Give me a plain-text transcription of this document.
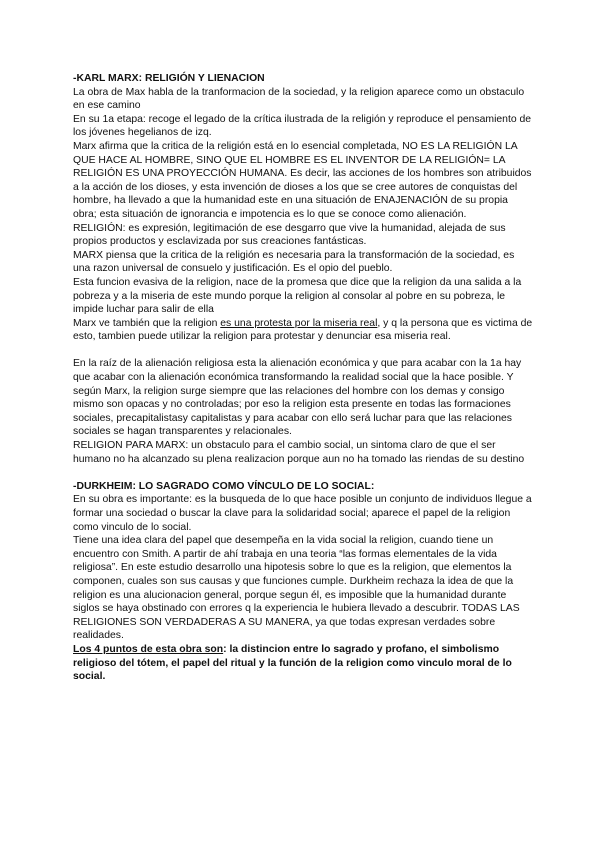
-KARL MARX: RELIGIÓN Y LIENACION

La obra de Max habla de la tranformacion de la sociedad, y la religion aparece como un obstaculo en ese camino

En su 1a etapa: recoge el legado de la crítica ilustrada de la religión y reproduce el pensamiento de los jóvenes hegelianos de izq.

Marx afirma que la critica de la religión está en lo esencial completada, NO ES LA RELIGIÓN LA QUE HACE AL HOMBRE, SINO QUE EL HOMBRE ES EL INVENTOR DE LA RELIGIÓN= LA RELIGIÓN ES UNA PROYECCIÓN HUMANA. Es decir, las acciones de los hombres son atribuidos a la acción de los dioses, y esta invención de dioses a los que se cree autores de conquistas del hombre, ha llevado a que la humanidad este en una situación de ENAJENACIÓN de su propia obra; esta situación de ignorancia e impotencia es lo que se conoce como alienación.

RELIGIÓN: es expresión, legitimación de ese desgarro que vive la humanidad, alejada de sus propios productos y esclavizada por sus creaciones fantásticas.

MARX piensa que la critica de la religión es necesaria para la transformación de la sociedad, es una razon universal de consuelo y justificación. Es el opio del pueblo.

Esta funcion evasiva de la religion, nace de la promesa que dice que la religion da una salida a la pobreza y a la miseria de este mundo porque la religion al consolar al pobre en su pobreza, le impide luchar para salir de ella

Marx ve también que la religion es una protesta por la miseria real, y q la persona que es victima de esto, tambien puede utilizar la religion para protestar y denunciar esa miseria real.

En la raíz de la alienación religiosa esta la alienación económica y que para acabar con la 1a hay que acabar con la alienación económica transformando la realidad social que la hace posible. Y según Marx, la religion surge siempre que las relaciones del hombre con los demas y consigo mismo son opacas y no controladas; por eso la religion esta presente en todas las formaciones sociales, precapitalistasy capitalistas y para acabar con ello será luchar para que las relaciones sociales se hagan transparentes y relacionales.

RELIGION PARA MARX: un obstaculo para el cambio social, un sintoma claro de que el ser humano no ha alcanzado su plena realizacion porque aun no ha tomado las riendas de su destino

-DURKHEIM: LO SAGRADO COMO VÍNCULO DE LO SOCIAL:

En su obra es importante: es la busqueda de lo que hace posible un conjunto de individuos llegue a formar una sociedad o buscar la clave para la solidaridad social; aparece el papel de la religion como vinculo de lo social.

Tiene una idea clara del papel que desempeña en la vida social la religion, cuando tiene un encuentro con Smith. A partir de ahí trabaja en una teoria “las formas elementales de la vida religiosa”. En este estudio desarrollo una hipotesis sobre lo que es la religion, que elementos la componen, cuales son sus causas y que funciones cumple. Durkheim rechaza la idea de que la religion es una alucionacion general, porque segun él, es imposible que la humanidad durante siglos se haya obstinado con errores q la experiencia le hubiera llevado a descubrir. TODAS LAS RELIGIONES SON VERDADERAS A SU MANERA, ya que todas expresan verdades sobre realidades.

Los 4 puntos de esta obra son: la distincion entre lo sagrado y profano, el simbolismo religioso del tótem, el papel del ritual y la función de la religion como vinculo moral de lo social.
